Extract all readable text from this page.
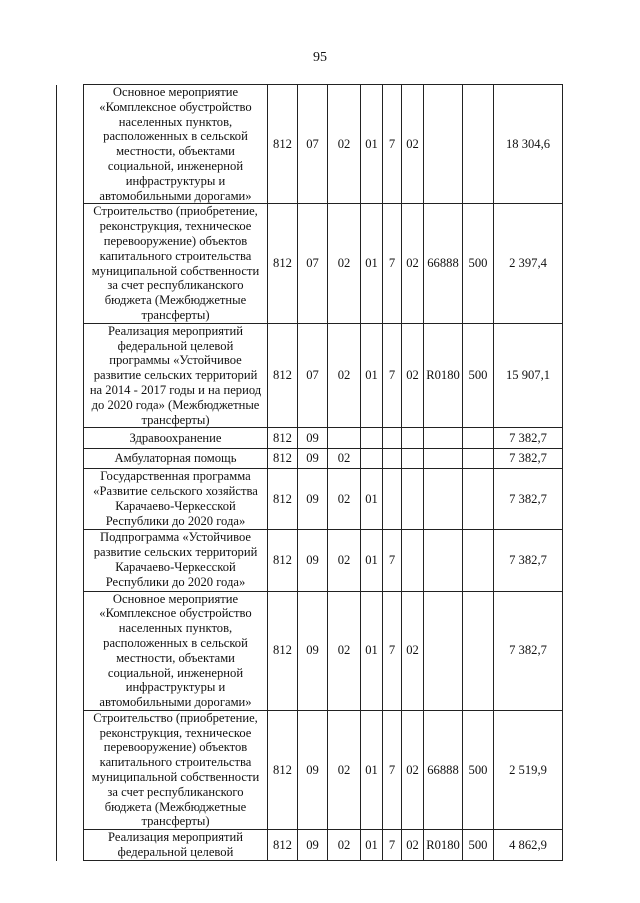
95
	Основное мероприятие «Комплексное обустройство населенных пунктов, расположенных в сельской местности, объектами социальной, инженерной инфраструктуры и автомобильными дорогами»	812	07	02	01	7	02			18 304,6
	Строительство (приобретение, реконструкция, техническое перевооружение) объектов капитального строительства муниципальной собственности за счет республиканского бюджета (Межбюджетные трансферты)	812	07	02	01	7	02	66888	500	2 397,4
	Реализация мероприятий федеральной целевой программы «Устойчивое развитие сельских территорий на 2014 - 2017 годы и на период до 2020 года» (Межбюджетные трансферты)	812	07	02	01	7	02	R0180	500	15 907,1
	Здравоохранение	812	09							7 382,7
	Амбулаторная помощь	812	09	02						7 382,7
	Государственная программа «Развитие сельского хозяйства Карачаево-Черкесской Республики до 2020 года»	812	09	02	01					7 382,7
	Подпрограмма «Устойчивое развитие сельских территорий Карачаево-Черкесской Республики до 2020 года»	812	09	02	01	7				7 382,7
	Основное мероприятие «Комплексное обустройство населенных пунктов, расположенных в сельской местности, объектами социальной, инженерной инфраструктуры и автомобильными дорогами»	812	09	02	01	7	02			7 382,7
	Строительство (приобретение, реконструкция, техническое перевооружение) объектов капитального строительства муниципальной собственности за счет республиканского бюджета (Межбюджетные трансферты)	812	09	02	01	7	02	66888	500	2 519,9
	Реализация мероприятий федеральной целевой	812	09	02	01	7	02	R0180	500	4 862,9
